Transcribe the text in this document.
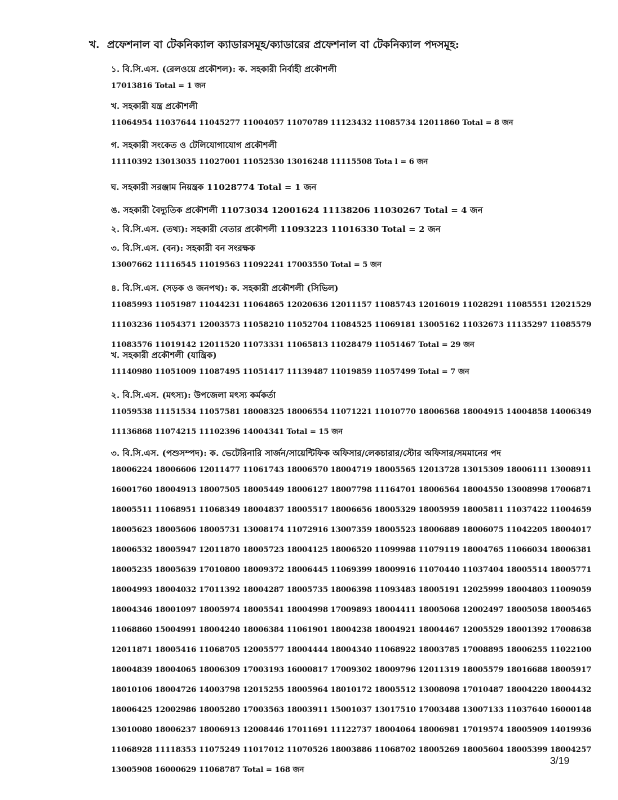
খ. প্রফেশনাল বা টেকনিক্যাল ক্যাডারসমূহ/ক্যাডারের প্রফেশনাল বা টেকনিক্যাল পদসমূহ:
১. বি.সি.এস. (রেলওয়ে প্রকৌশল): ক. সহকারী নির্বাহী প্রকৌশলী
17013816 Total = 1 জন
খ. সহকারী যন্ত্র প্রকৌশলী
11064954 11037644 11045277 11004057 11070789 11123432 11085734 12011860 Total = 8 জন
গ. সহকারী সংকেত ও টেলিযোগাযোগ প্রকৌশলী
11110392 13013035 11027001 11052530 13016248 11115508 Tota l = 6 জন
ঘ. সহকারী সরঞ্জাম নিয়ন্ত্রক 11028774 Total = 1 জন
ঙ. সহকারী বৈদ্যুতিক প্রকৌশলী 11073034 12001624 11138206 11030267 Total = 4 জন
২. বি.সি.এস. (তথ্য): সহকারী বেতার প্রকৌশলী 11093223 11016330 Total = 2 জন
৩. বি.সি.এস. (বন): সহকারী বন সংরক্ষক
13007662 11116545 11019563 11092241 17003550 Total = 5 জন
৪. বি.সি.এস. (সড়ক ও জনপথ): ক. সহকারী প্রকৌশলী (সিভিল)
11085993 11051987 11044231 11064865 12020636 12011157 11085743 12016019 11028291 11085551 12021529
11103236 11054371 12003573 11058210 11052704 11084525 11069181 13005162 11032673 11135297 11085579
11083576 11019142 12011520 11073331 11065813 11028479 11051467 Total = 29 জন
খ. সহকারী প্রকৌশলী (যান্ত্রিক)
11140980 11051009 11087495 11051417 11139487 11019859 11057499 Total = 7 জন
২. বি.সি.এস. (মৎস্য): উপজেলা মৎস্য কর্মকর্তা
11059538 11151534 11057581 18008325 18006554 11071221 11010770 18006568 18004915 14004858 14006349
11136868 11074215 11102396 14004341 Total = 15 জন
৩. বি.সি.এস. (পশুসম্পদ): ক. ভেটেরিনারি সার্জন/সায়েন্টিফিক অফিসার/লেকচারার/স্টোর অফিসার/সমমানের পদ
18006224 18006606 12011477 11061743 18006570 18004719 18005565 12013728 13015309 18006111 13008911
16001760 18004913 18007505 18005449 18006127 18007798 11164701 18006564 18004550 13008998 17006871
18005511 11068951 11068349 18004837 18005517 18006656 18005329 18005959 18005811 11037422 11004659
18005623 18005606 18005731 13008174 11072916 13007359 18005523 18006889 18006075 11042205 18004017
18006532 18005947 12011870 18005723 18004125 18006520 11099988 11079119 18004765 11066034 18006381
18005235 18005639 17010800 18009372 18006445 11069399 18009916 11070440 11037404 18005514 18005771
18004993 18004032 17011392 18004287 18005735 18006398 11093483 18005191 12025999 18004803 11009059
18004346 18001097 18005974 18005541 18004998 17009893 18004411 18005068 12002497 18005058 18005465
11068860 15004991 18004240 18006384 11061901 18004238 18004921 18004467 12005529 18001392 17008638
12011871 18005416 11068705 12005577 18004444 18004340 11068922 18003785 17008895 18006255 11022100
18004839 18004065 18006309 17003193 16000817 17009302 18009796 12011319 18005579 18016688 18005917
18010106 18004726 14003798 12015255 18005964 18010172 18005512 13008098 17010487 18004220 18004432
18006425 12002986 18005280 17003563 18003911 15001037 13017510 17003488 13007133 11037640 16000148
13010080 18006237 18006913 12008446 17011691 11122737 18004064 18006981 17019574 18005909 14019936
11068928 11118353 11075249 11017012 11070526 18003886 11068702 18005269 18005604 18005399 18004257
13005908 16000629 11068787 Total = 168 জন
3/19
